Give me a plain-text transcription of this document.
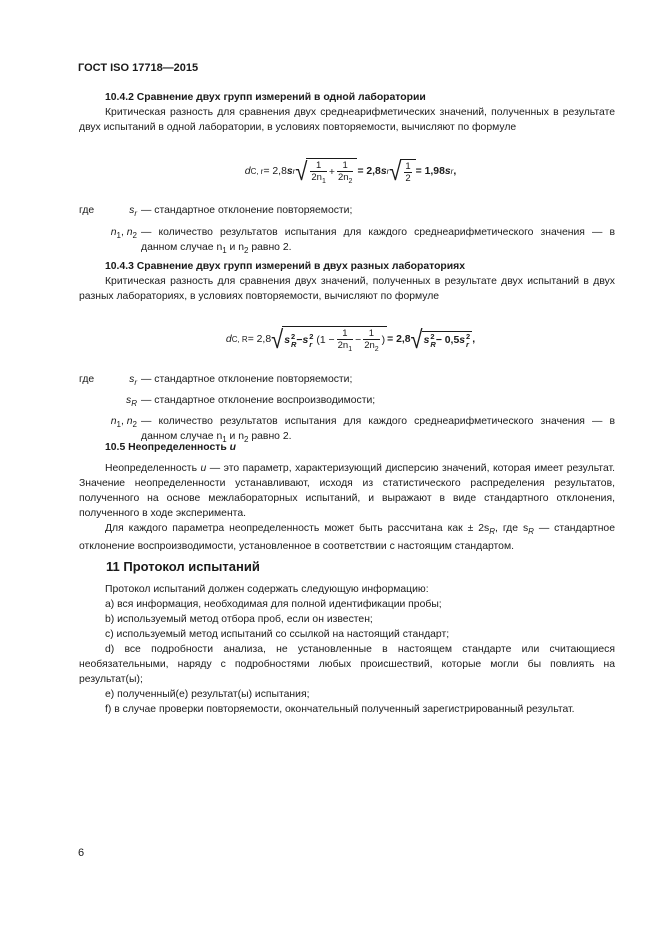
ГОСТ ISO 17718—2015
10.4.2 Сравнение двух групп измерений в одной лаборатории
Критическая разность для сравнения двух среднеарифметических значений, полученных в результате двух испытаний в одной лаборатории, в условиях повторяемости, вычисляют по формуле
d C, r = 2,8 s r √ $\frac{1}{2n_1} + \frac{1}{2n_2} = 2,8$ s r √ $\frac{1}{2} = 1,98$ s r ,
где	$s_r$ — стандартное отклонение повторяемости;
$n_1$, $n_2$ — количество результатов испытания для каждого среднеарифметического значения — в данном случае $n_1$ и $n_2$ равно 2.
10.4.3 Сравнение двух групп измерений в двух разных лабораториях
Критическая разность для сравнения двух значений, полученных в результате двух испытаний в двух разных лабораториях, в условиях повторяемости, вычисляют по формуле
d C, R = 2,8 √ s 2
R − s 2
r ($1 - \frac{1}{2n_1} - \frac{1}{2n_2}$ ) = 2,8 √ s 2
R − 0,5 s 2
r ,
где	$s_r$ — стандартное отклонение повторяемости;
$s_R$ — стандартное отклонение воспроизводимости;
$n_1$, $n_2$ — количество результатов испытания для каждого среднеарифметического значения — в данном случае $n_1$ и $n_2$ равно 2.
10.5 Неопределенность u
Неопределенность u — это параметр, характеризующий дисперсию значений, которая имеет результат. Значение неопределенности устанавливают, исходя из статистического распределения результатов, полученного на основе межлабораторных испытаний, и выражают в виде стандартного отклонения, полученного в ходе эксперимента.
Для каждого параметра неопределенность может быть рассчитана как ± $2s_R$, где $s_R$ — стандартное отклонение воспроизводимости, установленное в соответствии с настоящим стандартом.
11 Протокол испытаний
Протокол испытаний должен содержать следующую информацию:
a) вся информация, необходимая для полной идентификации пробы;
b) используемый метод отбора проб, если он известен;
c) используемый метод испытаний со ссылкой на настоящий стандарт;
d) все подробности анализа, не установленные в настоящем стандарте или считающиеся необязательными, наряду с подробностями любых происшествий, которые могли бы повлиять на результат(ы);
e) полученный(е) результат(ы) испытания;
f) в случае проверки повторяемости, окончательный полученный зарегистрированный результат.
6
